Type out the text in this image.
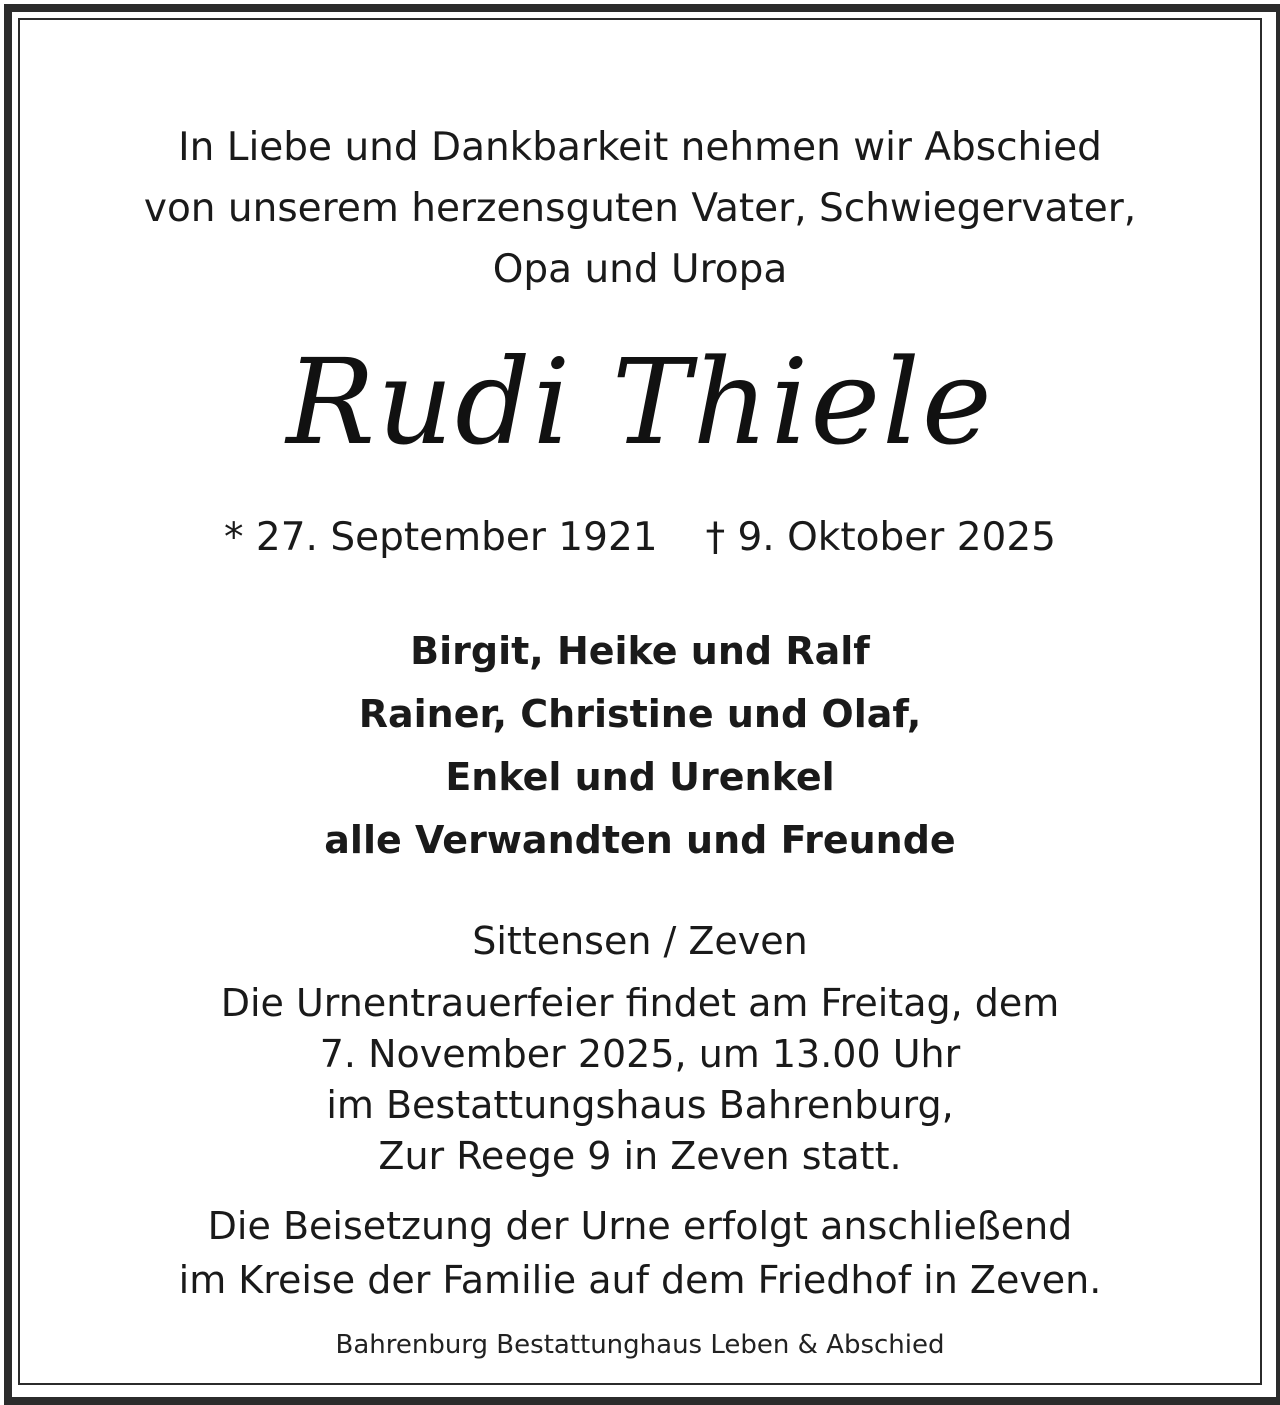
In Liebe und Dankbarkeit nehmen wir Abschied
von unserem herzensguten Vater, Schwiegervater,
Opa und Uropa
Rudi Thiele
* 27. September 1921 † 9. Oktober 2025
Birgit, Heike und Ralf
Rainer, Christine und Olaf,
Enkel und Urenkel
alle Verwandten und Freunde
Sittensen / Zeven
Die Urnentrauerfeier findet am Freitag, dem
7. November 2025, um 13.00 Uhr
im Bestattungshaus Bahrenburg,
Zur Reege 9 in Zeven statt.
Die Beisetzung der Urne erfolgt anschließend
im Kreise der Familie auf dem Friedhof in Zeven.
Bahrenburg Bestattunghaus Leben & Abschied
